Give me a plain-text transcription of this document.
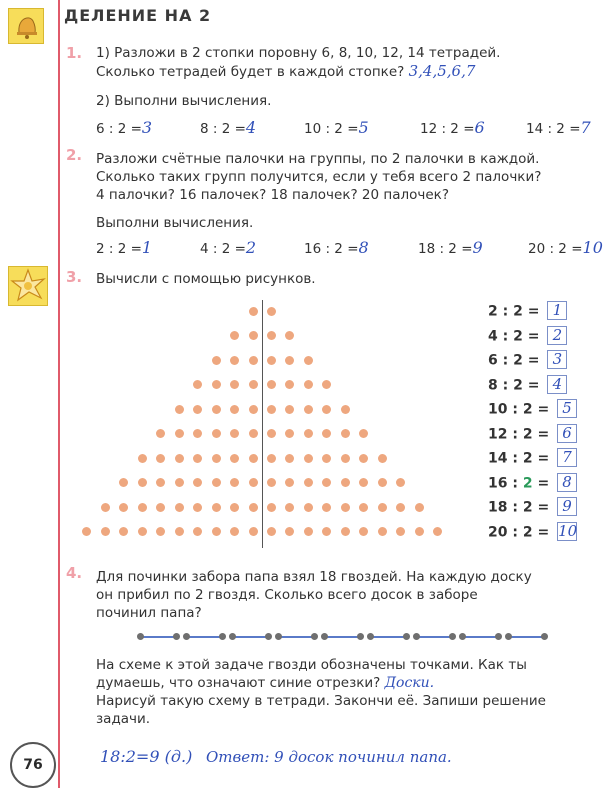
ДЕЛЕНИЕ НА 2
1. 1) Разложи в 2 стопки поровну 6, 8, 10, 12, 14 тетрадей.
Сколько тетрадей будет в каждой стопке? 3,4,5,6,7
2) Выполни вычисления.
6 : 2 =3	8 : 2 =4	10 : 2 =5	12 : 2 =6	14 : 2 =7
2. Разложи счётные палочки на группы, по 2 палочки в каждой.
Сколько таких групп получится, если у тебя всего 2 палочки?
4 палочки? 16 палочек? 18 палочек? 20 палочек?
Выполни вычисления.
2 : 2 =1	4 : 2 =2	16 : 2 =8	18 : 2 =9	20 : 2 =10
3. Вычисли с помощью рисунков.
2 : 2 = 1
4 : 2 = 2
6 : 2 = 3
8 : 2 = 4
10 : 2 = 5
12 : 2 = 6
14 : 2 = 7
16 : 2 = 8
18 : 2 = 9
20 : 2 = 10
4. Для починки забора папа взял 18 гвоздей. На каждую доску
он прибил по 2 гвоздя. Сколько всего досок в заборе
починил папа?
На схеме к этой задаче гвозди обозначены точками. Как ты
думаешь, что означают синие отрезки? Доски.
Нарисуй такую схему в тетради. Закончи её. Запиши решение
задачи.
18:2=9 (д.) Ответ: 9 досок починил папа.
76
